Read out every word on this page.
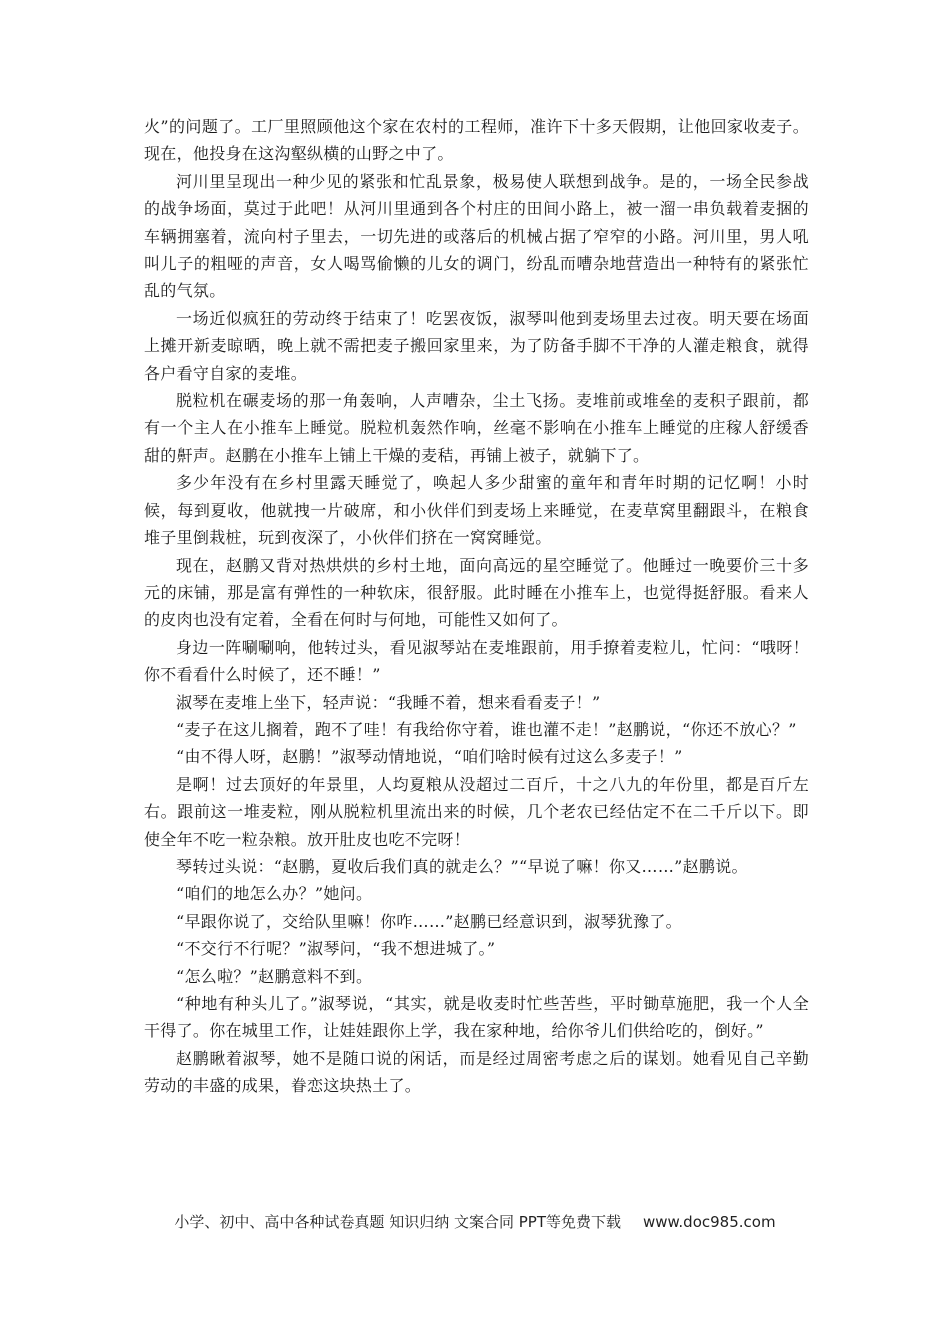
火”的问题了。工厂里照顾他这个家在农村的工程师，准许下十多天假期，让他回家收麦子。现在，他投身在这沟壑纵横的山野之中了。

河川里呈现出一种少见的紧张和忙乱景象，极易使人联想到战争。是的，一场全民参战的战争场面，莫过于此吧！从河川里通到各个村庄的田间小路上，被一溜一串负载着麦捆的车辆拥塞着，流向村子里去，一切先进的或落后的机械占据了窄窄的小路。河川里，男人吼叫儿子的粗哑的声音，女人喝骂偷懒的儿女的调门，纷乱而嘈杂地营造出一种特有的紧张忙乱的气氛。

一场近似疯狂的劳动终于结束了！吃罢夜饭，淑琴叫他到麦场里去过夜。明天要在场面上摊开新麦晾晒，晚上就不需把麦子搬回家里来，为了防备手脚不干净的人灌走粮食，就得各户看守自家的麦堆。

脱粒机在碾麦场的那一角轰响，人声嘈杂，尘土飞扬。麦堆前或堆垒的麦积子跟前，都有一个主人在小推车上睡觉。脱粒机轰然作响，丝毫不影响在小推车上睡觉的庄稼人舒缓香甜的鼾声。赵鹏在小推车上铺上干燥的麦秸，再铺上被子，就躺下了。

多少年没有在乡村里露天睡觉了，唤起人多少甜蜜的童年和青年时期的记忆啊！小时候，每到夏收，他就拽一片破席，和小伙伴们到麦场上来睡觉，在麦草窝里翻跟斗，在粮食堆子里倒栽桩，玩到夜深了，小伙伴们挤在一窝窝睡觉。

现在，赵鹏又背对热烘烘的乡村土地，面向高远的星空睡觉了。他睡过一晚要价三十多元的床铺，那是富有弹性的一种软床，很舒服。此时睡在小推车上，也觉得挺舒服。看来人的皮肉也没有定着，全看在何时与何地，可能性又如何了。

身边一阵唰唰响，他转过头，看见淑琴站在麦堆跟前，用手撩着麦粒儿，忙问：“哦呀！你不看看什么时候了，还不睡！”

淑琴在麦堆上坐下，轻声说：“我睡不着，想来看看麦子！”

“麦子在这儿搁着，跑不了哇！有我给你守着，谁也灌不走！”赵鹏说，“你还不放心？”

“由不得人呀，赵鹏！”淑琴动情地说，“咱们啥时候有过这么多麦子！”

是啊！过去顶好的年景里，人均夏粮从没超过二百斤，十之八九的年份里，都是百斤左右。跟前这一堆麦粒，刚从脱粒机里流出来的时候，几个老农已经估定不在二千斤以下。即使全年不吃一粒杂粮。放开肚皮也吃不完呀！

琴转过头说：“赵鹏，夏收后我们真的就走么？”“早说了嘛！你又……”赵鹏说。

“咱们的地怎么办？”她问。

“早跟你说了，交给队里嘛！你咋……”赵鹏已经意识到，淑琴犹豫了。

“不交行不行呢？”淑琴问，“我不想进城了。”

“怎么啦？”赵鹏意料不到。

“种地有种头儿了。”淑琴说，“其实，就是收麦时忙些苦些，平时锄草施肥，我一个人全干得了。你在城里工作，让娃娃跟你上学，我在家种地，给你爷儿们供给吃的，倒好。”

赵鹏瞅着淑琴，她不是随口说的闲话，而是经过周密考虑之后的谋划。她看见自己辛勤劳动的丰盛的成果，眷恋这块热土了。

小学、初中、高中各种试卷真题 知识归纳 文案合同 PPT等免费下载 www.doc985.com
